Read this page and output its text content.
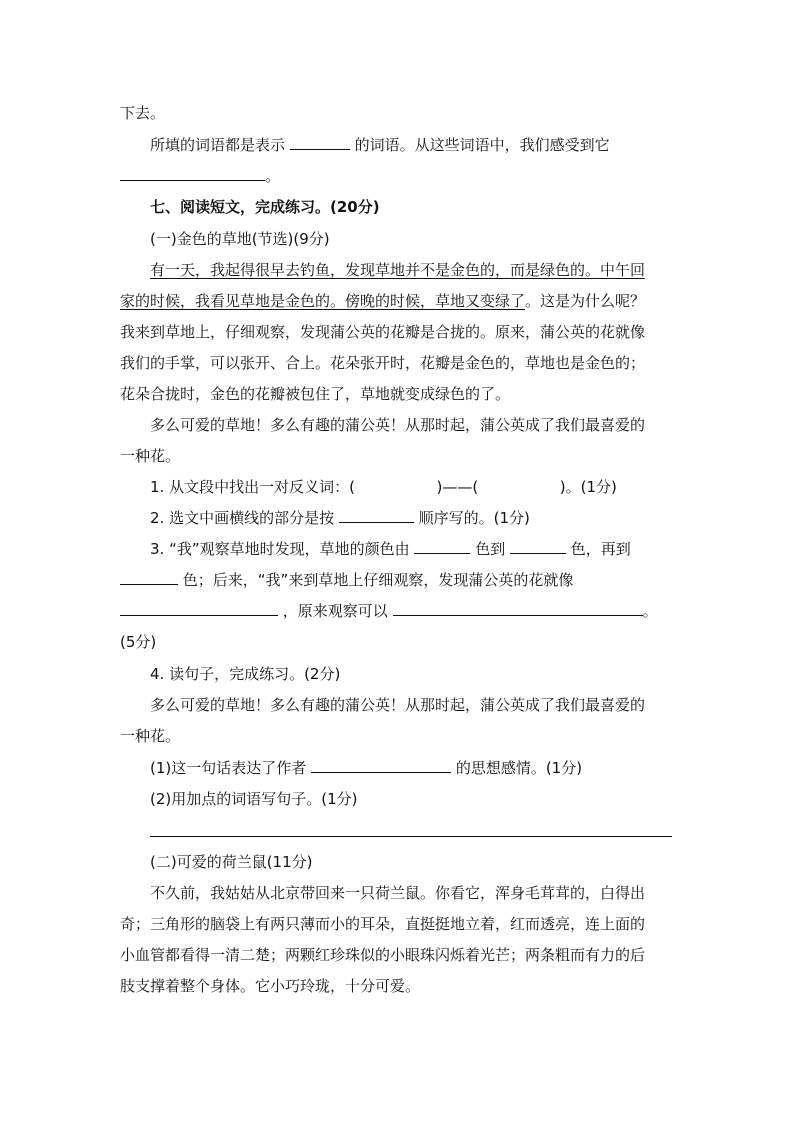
下去。
所填的词语都是表示	的词语。从这些词语中，我们感受到它
。
七、阅读短文，完成练习。(20分)
(一)金色的草地(节选)(9分)
有一天，我起得很早去钓鱼，发现草地并不是金色的，而是绿色的。中午回
家的时候，我看见草地是金色的。傍晚的时候，草地又变绿了。这是为什么呢？
我来到草地上，仔细观察，发现蒲公英的花瓣是合拢的。原来，蒲公英的花就像
我们的手掌，可以张开、合上。花朵张开时，花瓣是金色的，草地也是金色的；
花朵合拢时，金色的花瓣被包住了，草地就变成绿色的了。
多么可爱的草地！多么有趣的蒲公英！从那时起，蒲公英成了我们最喜爱的
一种花。
1. 从文段中找出一对反义词：(	)——(	)。(1分)
2. 选文中画横线的部分是按	顺序写的。(1分)
3. “我”观察草地时发现，草地的颜色由	色到	色，再到
色；后来，“我”来到草地上仔细观察，发现蒲公英的花就像
，原来观察可以	。
(5分)
4. 读句子，完成练习。(2分)
多么可爱的草地！多么有趣的蒲公英！从那时起，蒲公英成了我们最喜爱的
一种花。
(1)这一句话表达了作者	的思想感情。(1分)
(2)用加点的词语写句子。(1分)
(二)可爱的荷兰鼠(11分)
不久前，我姑姑从北京带回来一只荷兰鼠。你看它，浑身毛茸茸的，白得出
奇；三角形的脑袋上有两只薄而小的耳朵，直挺挺地立着，红而透亮，连上面的
小血管都看得一清二楚；两颗红珍珠似的小眼珠闪烁着光芒；两条粗而有力的后
肢支撑着整个身体。它小巧玲珑，十分可爱。
